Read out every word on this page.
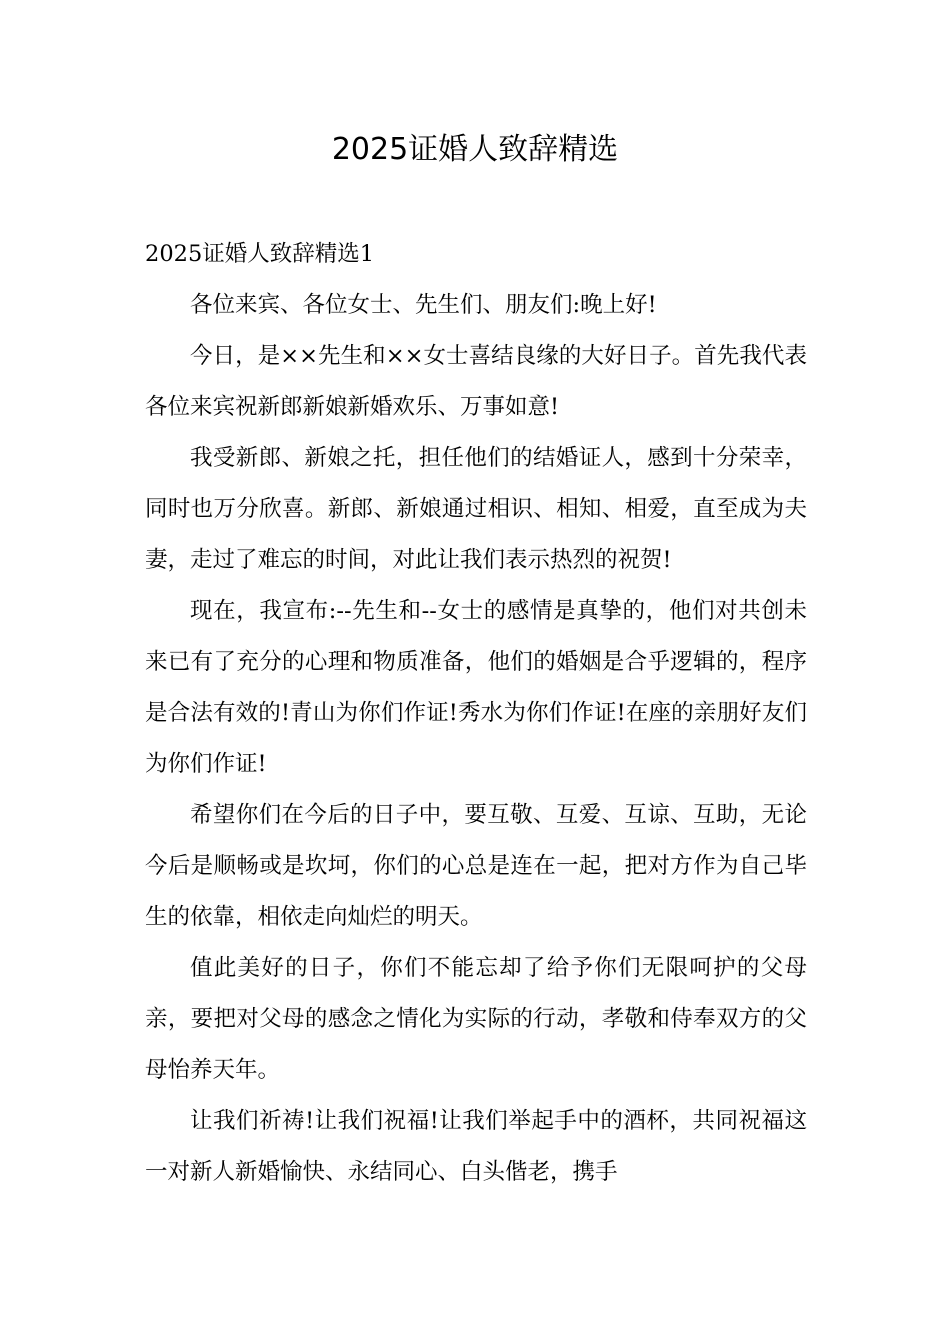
2025证婚人致辞精选
2025证婚人致辞精选1

各位来宾、各位女士、先生们、朋友们:晚上好!

今日，是××先生和××女士喜结良缘的大好日子。首先我代表各位来宾祝新郎新娘新婚欢乐、万事如意!

我受新郎、新娘之托，担任他们的结婚证人，感到十分荣幸，同时也万分欣喜。新郎、新娘通过相识、相知、相爱，直至成为夫妻，走过了难忘的时间，对此让我们表示热烈的祝贺!

现在，我宣布:--先生和--女士的感情是真挚的，他们对共创未来已有了充分的心理和物质准备，他们的婚姻是合乎逻辑的，程序是合法有效的!青山为你们作证!秀水为你们作证!在座的亲朋好友们为你们作证!

希望你们在今后的日子中，要互敬、互爱、互谅、互助，无论今后是顺畅或是坎坷，你们的心总是连在一起，把对方作为自己毕生的依靠，相依走向灿烂的明天。

值此美好的日子，你们不能忘却了给予你们无限呵护的父母亲，要把对父母的感念之情化为实际的行动，孝敬和侍奉双方的父母怡养天年。

让我们祈祷!让我们祝福!让我们举起手中的酒杯，共同祝福这一对新人新婚愉快、永结同心、白头偕老，携手
